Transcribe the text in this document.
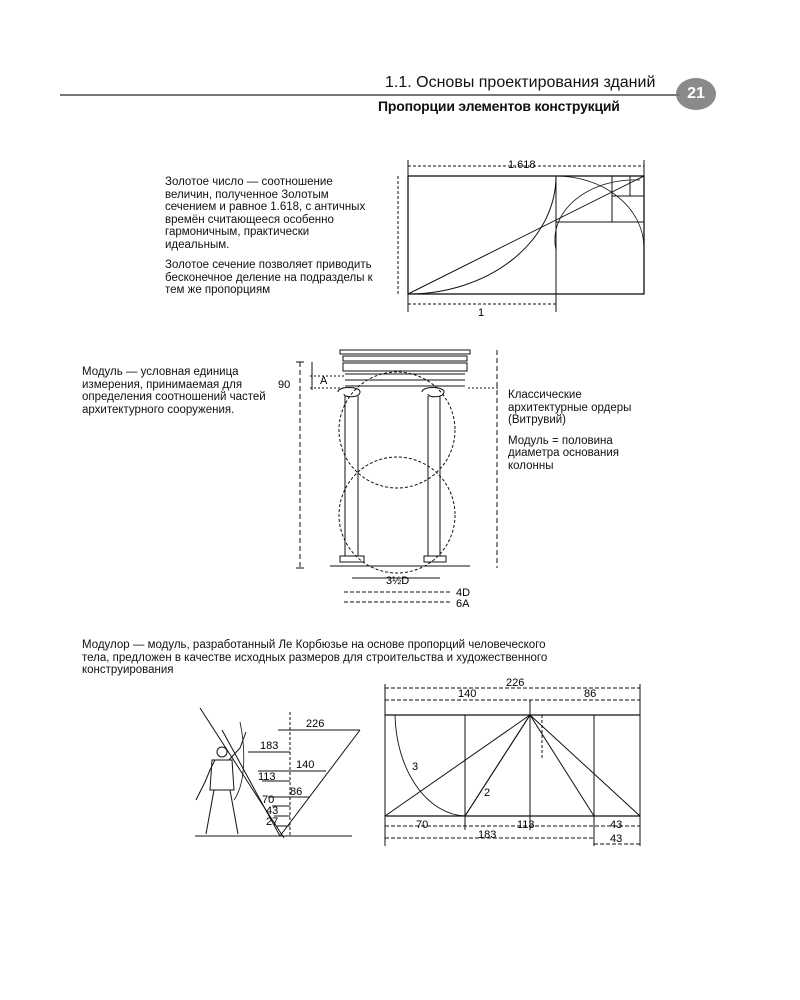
1.1. Основы проектирования зданий
Пропорции элементов конструкций
21

Золотое число — соотношение величин, полученное Золотым сечением и равное 1.618, с античных времён считающееся особенно гармоничным, практически идеальным.

Золотое сечение позволяет приводить бесконечное деление на подразделы к тем же пропорциям

Модуль — условная единица измерения, принимаемая для определения соотношений частей архитектурного сооружения.

Классические архитектурные ордеры (Витрувий)

Модуль = половина диаметра основания колонны

Модулор — модуль, разработанный Ле Корбюзье на основе пропорций человеческого тела, предложен в качестве исходных размеров для строительства и художественного конструирования
1.618
1
90	A
3½D
4D
6A
226
183
140
113
86
70
43
27
226
140	86
3
2
70	113	43
183	43
